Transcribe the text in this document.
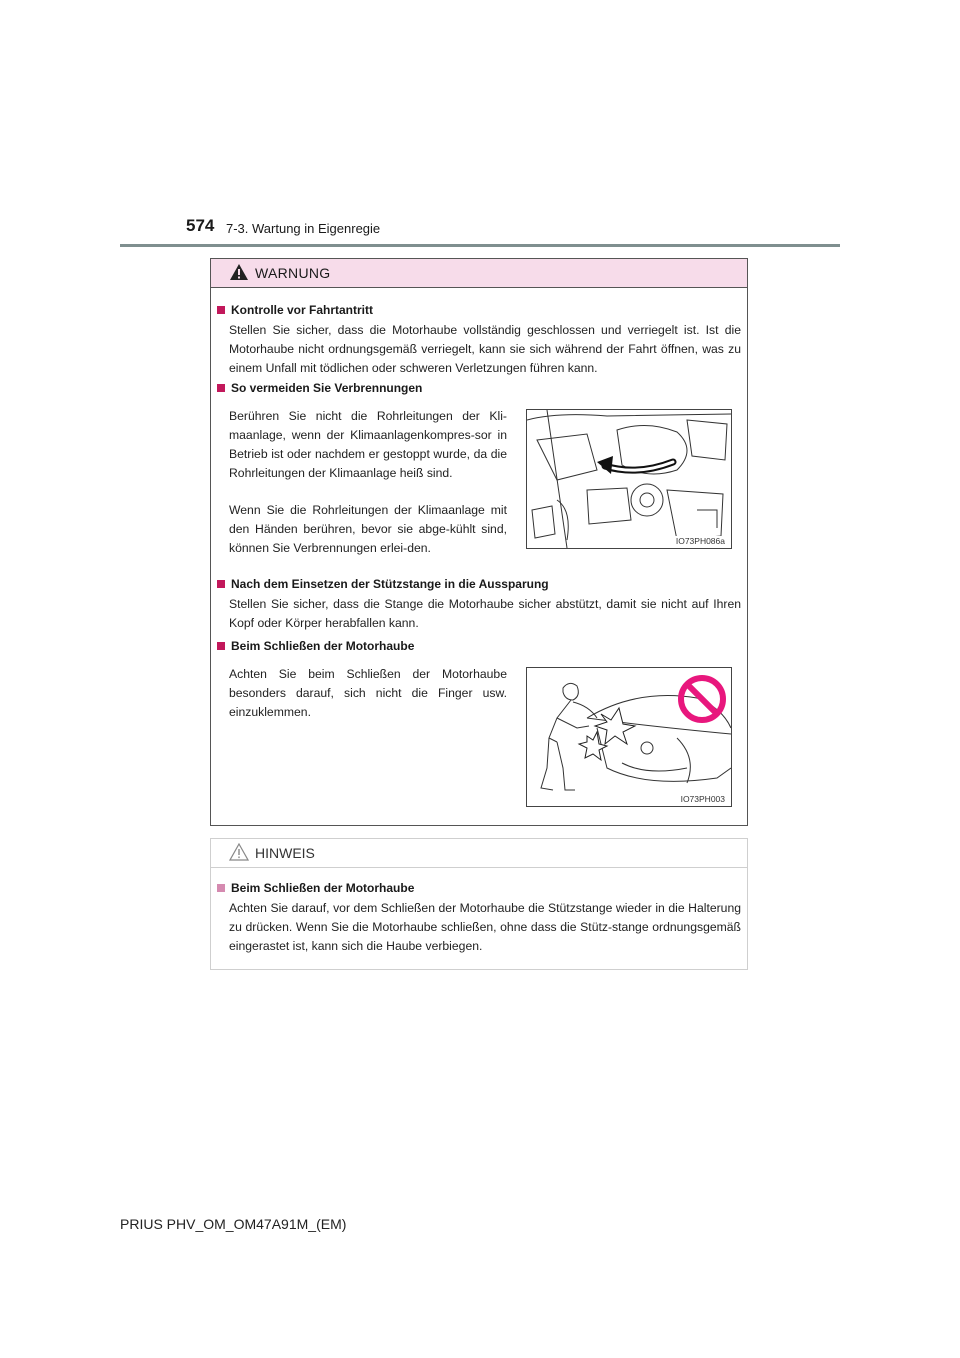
574 7-3. Wartung in Eigenregie
WARNUNG
Kontrolle vor Fahrtantritt
Stellen Sie sicher, dass die Motorhaube vollständig geschlossen und verriegelt ist. Ist die Motorhaube nicht ordnungsgemäß verriegelt, kann sie sich während der Fahrt öffnen, was zu einem Unfall mit tödlichen oder schweren Verletzungen führen kann.
So vermeiden Sie Verbrennungen
Berühren Sie nicht die Rohrleitungen der Kli-maanlage, wenn der Klimaanlagenkompres-sor in Betrieb ist oder nachdem er gestoppt wurde, da die Rohrleitungen der Klimaanlage heiß sind.
Wenn Sie die Rohrleitungen der Klimaanlage mit den Händen berühren, bevor sie abge-kühlt sind, können Sie Verbrennungen erlei-den.	IO73PH086a
Nach dem Einsetzen der Stützstange in die Aussparung
Stellen Sie sicher, dass die Stange die Motorhaube sicher abstützt, damit sie nicht auf Ihren Kopf oder Körper herabfallen kann.
Beim Schließen der Motorhaube
Achten Sie beim Schließen der Motorhaube besonders darauf, sich nicht die Finger usw. einzuklemmen.
IO73PH003
HINWEIS
Beim Schließen der Motorhaube
Achten Sie darauf, vor dem Schließen der Motorhaube die Stützstange wieder in die Halterung zu drücken. Wenn Sie die Motorhaube schließen, ohne dass die Stütz-stange ordnungsgemäß eingerastet ist, kann sich die Haube verbiegen.
PRIUS PHV_OM_OM47A91M_(EM)
